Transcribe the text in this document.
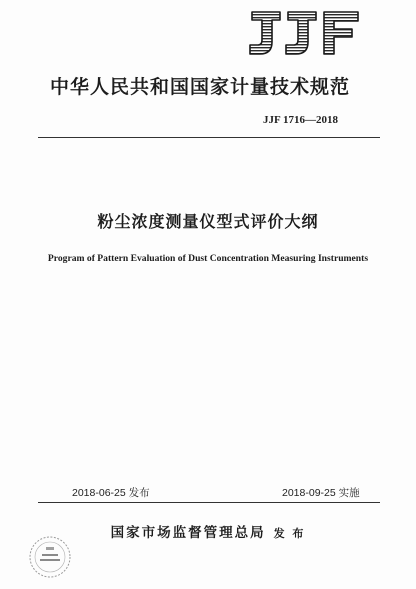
中华人民共和国国家计量技术规范
JJF 1716—2018
粉尘浓度测量仪型式评价大纲
Program of Pattern Evaluation of Dust Concentration Measuring Instruments
2018-06-25 发布	2018-09-25 实施
国家市场监督管理总局 发 布
